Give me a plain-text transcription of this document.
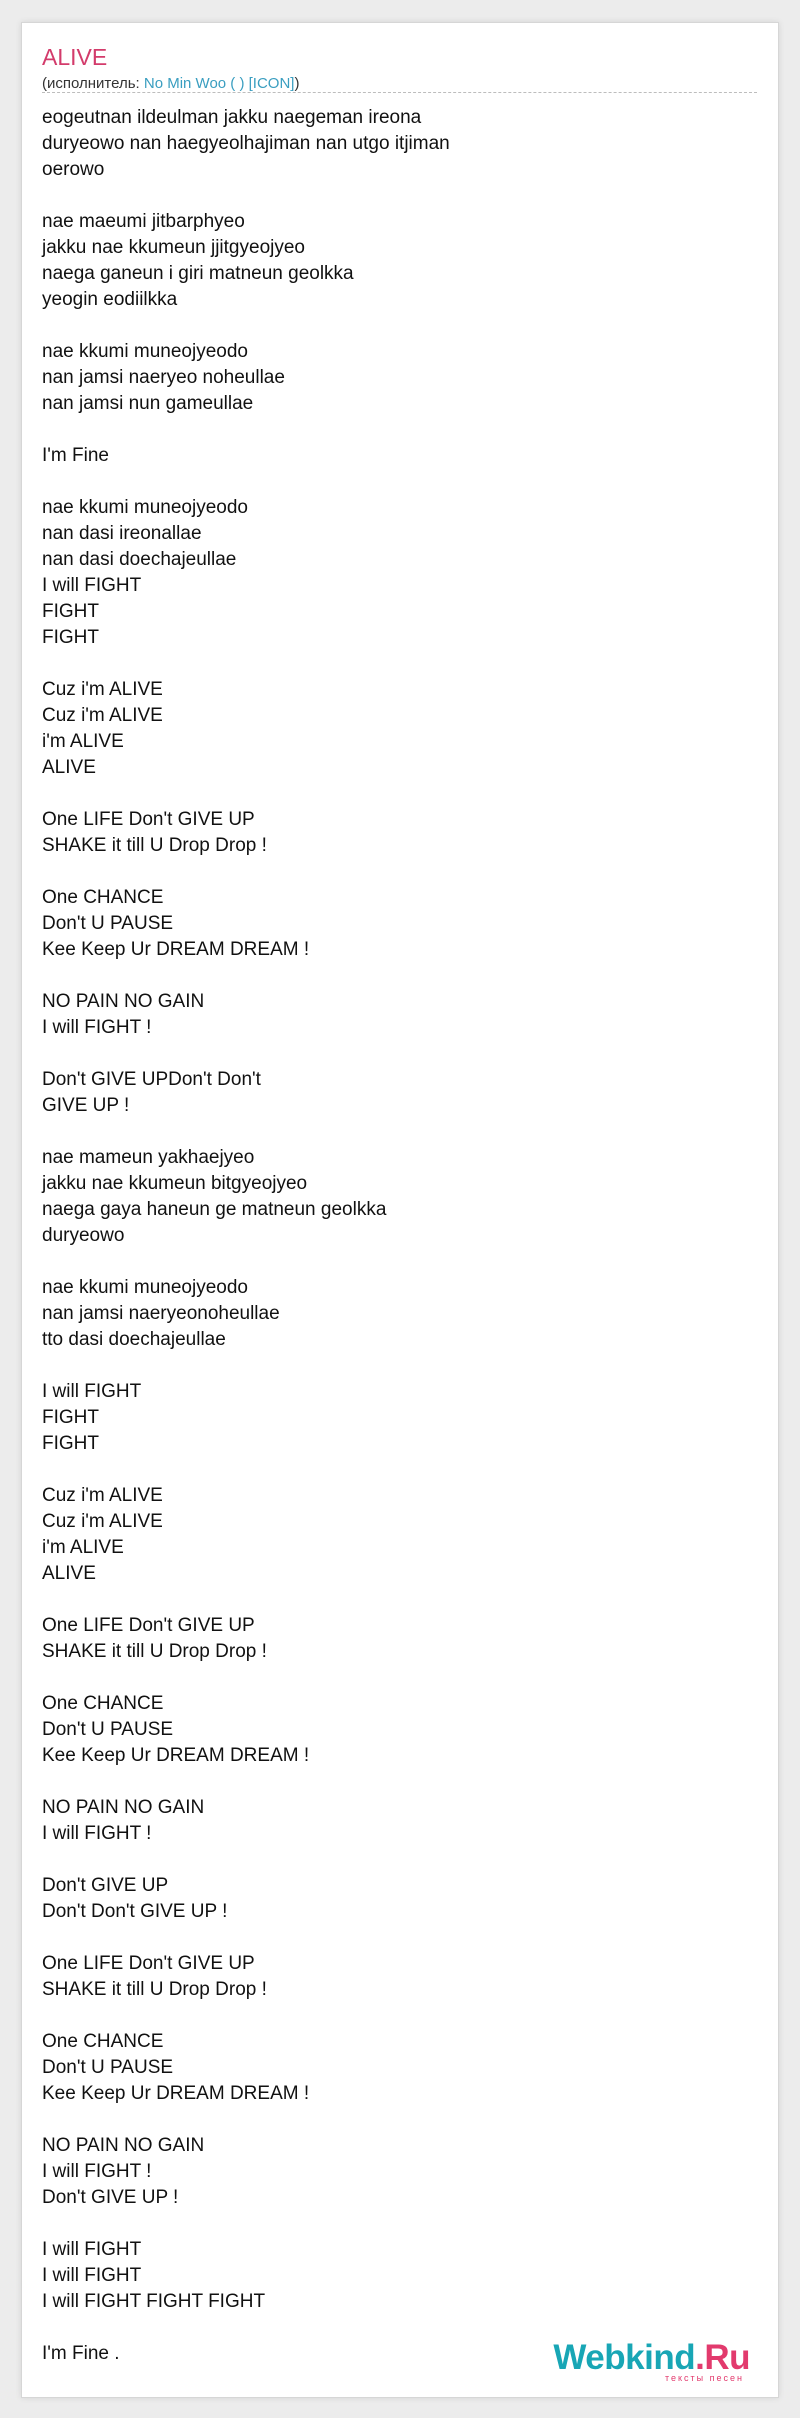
ALIVE
(исполнитель: No Min Woo ( ) [ICON])
eogeutnan ildeulman jakku naegeman ireona
duryeowo nan haegyeolhajiman nan utgo itjiman
oerowo
nae maeumi jitbarphyeo
jakku nae kkumeun jjitgyeojyeo
naega ganeun i giri matneun geolkka
yeogin eodiilkka
nae kkumi muneojyeodo
nan jamsi naeryeo noheullae
nan jamsi nun gameullae
I'm Fine
nae kkumi muneojyeodo
nan dasi ireonallae
nan dasi doechajeullae
I will FIGHT
FIGHT
FIGHT
Cuz i'm ALIVE
Cuz i'm ALIVE
i'm ALIVE
ALIVE
One LIFE Don't GIVE UP
SHAKE it till U Drop Drop !
One CHANCE
Don't U PAUSE
Kee Keep Ur DREAM DREAM !
NO PAIN NO GAIN
I will FIGHT !
Don't GIVE UPDon't Don't
GIVE UP !
nae mameun yakhaejyeo
jakku nae kkumeun bitgyeojyeo
naega gaya haneun ge matneun geolkka
duryeowo
nae kkumi muneojyeodo
nan jamsi naeryeonoheullae
tto dasi doechajeullae
I will FIGHT
FIGHT
FIGHT
Cuz i'm ALIVE
Cuz i'm ALIVE
i'm ALIVE
ALIVE
One LIFE Don't GIVE UP
SHAKE it till U Drop Drop !
One CHANCE
Don't U PAUSE
Kee Keep Ur DREAM DREAM !
NO PAIN NO GAIN
I will FIGHT !
Don't GIVE UP
Don't Don't GIVE UP !
One LIFE Don't GIVE UP
SHAKE it till U Drop Drop !
One CHANCE
Don't U PAUSE
Kee Keep Ur DREAM DREAM !
NO PAIN NO GAIN
I will FIGHT !
Don't GIVE UP !
I will FIGHT
I will FIGHT
I will FIGHT FIGHT FIGHT
I'm Fine .	Webkind.Ru
тексты песен
